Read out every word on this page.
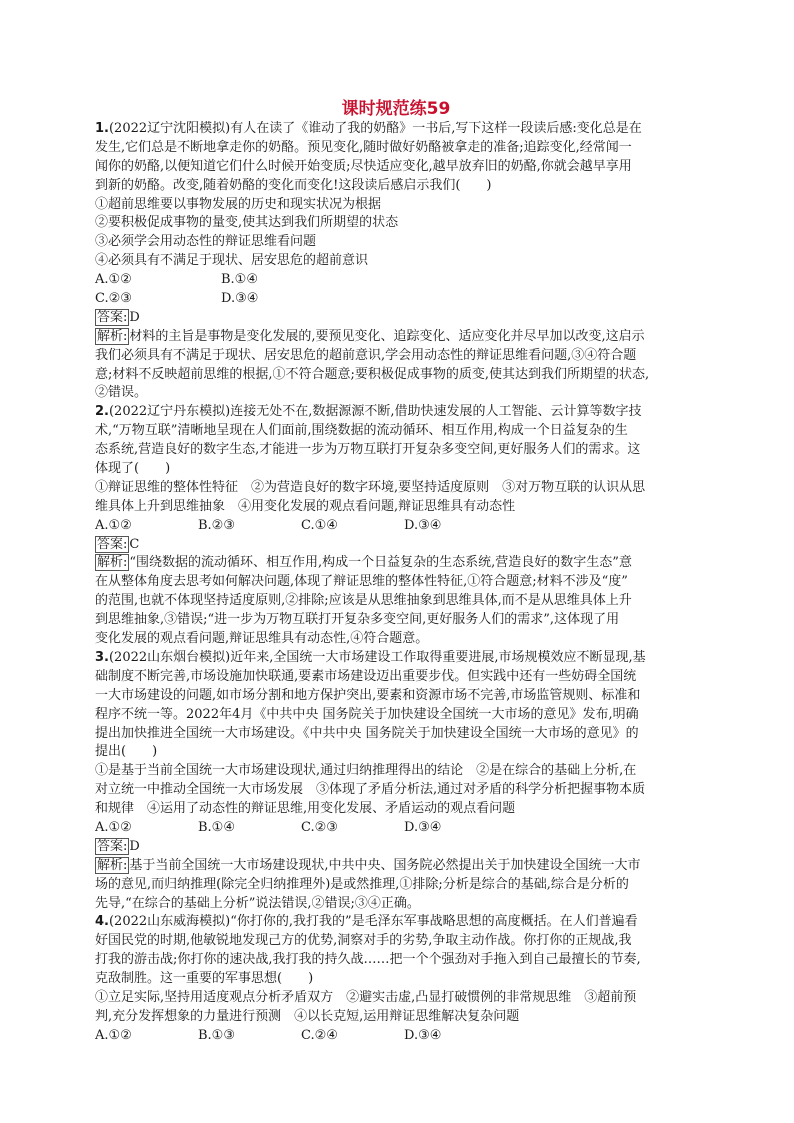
课时规范练59
1.(2022辽宁沈阳模拟)有人在读了《谁动了我的奶酪》一书后,写下这样一段读后感:变化总是在
发生,它们总是不断地拿走你的奶酪。预见变化,随时做好奶酪被拿走的准备;追踪变化,经常闻一
闻你的奶酪,以便知道它们什么时候开始变质;尽快适应变化,越早放弃旧的奶酪,你就会越早享用
到新的奶酪。改变,随着奶酪的变化而变化!这段读后感启示我们(　　)
①超前思维要以事物发展的历史和现实状况为根据
②要积极促成事物的量变,使其达到我们所期望的状态
③必须学会用动态性的辩证思维看问题
④必须具有不满足于现状、居安思危的超前意识
A.①②	B.①④
C.②③	D.③④
答案: D
解析: 材料的主旨是事物是变化发展的,要预见变化、追踪变化、适应变化并尽早加以改变,这启示
我们必须具有不满足于现状、居安思危的超前意识,学会用动态性的辩证思维看问题,③④符合题
意;材料不反映超前思维的根据,①不符合题意;要积极促成事物的质变,使其达到我们所期望的状态,
②错误。
2.(2022辽宁丹东模拟)连接无处不在,数据源源不断,借助快速发展的人工智能、云计算等数字技
术,“万物互联”清晰地呈现在人们面前,围绕数据的流动循环、相互作用,构成一个日益复杂的生
态系统,营造良好的数字生态,才能进一步为万物互联打开复杂多变空间,更好服务人们的需求。这
体现了(　　)
①辩证思维的整体性特征　②为营造良好的数字环境,要坚持适度原则　③对万物互联的认识从思
维具体上升到思维抽象　④用变化发展的观点看问题,辩证思维具有动态性
A.①②	B.②③	C.①④	D.③④
答案: C
解析: “围绕数据的流动循环、相互作用,构成一个日益复杂的生态系统,营造良好的数字生态”意
在从整体角度去思考如何解决问题,体现了辩证思维的整体性特征,①符合题意;材料不涉及“度”
的范围,也就不体现坚持适度原则,②排除;应该是从思维抽象到思维具体,而不是从思维具体上升
到思维抽象,③错误;“进一步为万物互联打开复杂多变空间,更好服务人们的需求”,这体现了用
变化发展的观点看问题,辩证思维具有动态性,④符合题意。
3.(2022山东烟台模拟)近年来,全国统一大市场建设工作取得重要进展,市场规模效应不断显现,基
础制度不断完善,市场设施加快联通,要素市场建设迈出重要步伐。但实践中还有一些妨碍全国统
一大市场建设的问题,如市场分割和地方保护突出,要素和资源市场不完善,市场监管规则、标准和
程序不统一等。2022年4月《中共中央 国务院关于加快建设全国统一大市场的意见》发布,明确
提出加快推进全国统一大市场建设。《中共中央 国务院关于加快建设全国统一大市场的意见》的
提出(　　)
①是基于当前全国统一大市场建设现状,通过归纳推理得出的结论　②是在综合的基础上分析,在
对立统一中推动全国统一大市场发展　③体现了矛盾分析法,通过对矛盾的科学分析把握事物本质
和规律　④运用了动态性的辩证思维,用变化发展、矛盾运动的观点看问题
A.①②	B.①④	C.②③	D.③④
答案: D
解析: 基于当前全国统一大市场建设现状,中共中央、国务院必然提出关于加快建设全国统一大市
场的意见,而归纳推理(除完全归纳推理外)是或然推理,①排除;分析是综合的基础,综合是分析的
先导,“在综合的基础上分析”说法错误,②错误;③④正确。
4.(2022山东威海模拟)“你打你的,我打我的”是毛泽东军事战略思想的高度概括。在人们普遍看
好国民党的时期,他敏锐地发现己方的优势,洞察对手的劣势,争取主动作战。你打你的正规战,我
打我的游击战;你打你的速决战,我打我的持久战……把一个个强劲对手拖入到自己最擅长的节奏,
克敌制胜。这一重要的军事思想(　　)
①立足实际,坚持用适度观点分析矛盾双方　②避实击虚,凸显打破惯例的非常规思维　③超前预
判,充分发挥想象的力量进行预测　④以长克短,运用辩证思维解决复杂问题
A.①②	B.①③	C.②④	D.③④
